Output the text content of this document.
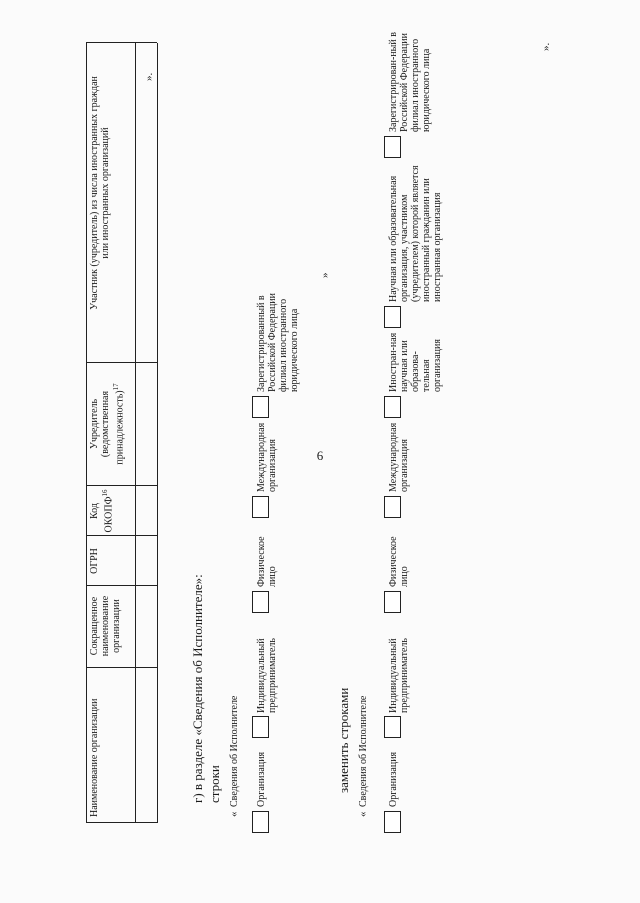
6
Наименование организации
Сокращенное наименование организации
ОГРН
Код ОКОПФ$^{16}$
Учредитель (ведомственная принадлежность)$^{17}$
Участник (учредитель) из числа иностранных граждан или иностранных организаций
».
г) в разделе «Сведения об Исполнителе»: строки
«
Сведения об Исполнителе Организация
Индивидуальный предприниматель
Физическое лицо
Международная организация
Зарегистрированный в Российской Федерации филиал иностранного юридического лица
»
заменить строками
«
Сведения об Исполнителе Организация
Индивидуальный предприниматель
Физическое лицо
Международная организация
Иностран-ная научная или образова-тельная организация
Научная или образовательная организация, участником (учредителем) которой является иностранный гражданин или иностранная организация
Зарегистрирован-ный в Российской Федерации филиал иностранного юридического лица
».
